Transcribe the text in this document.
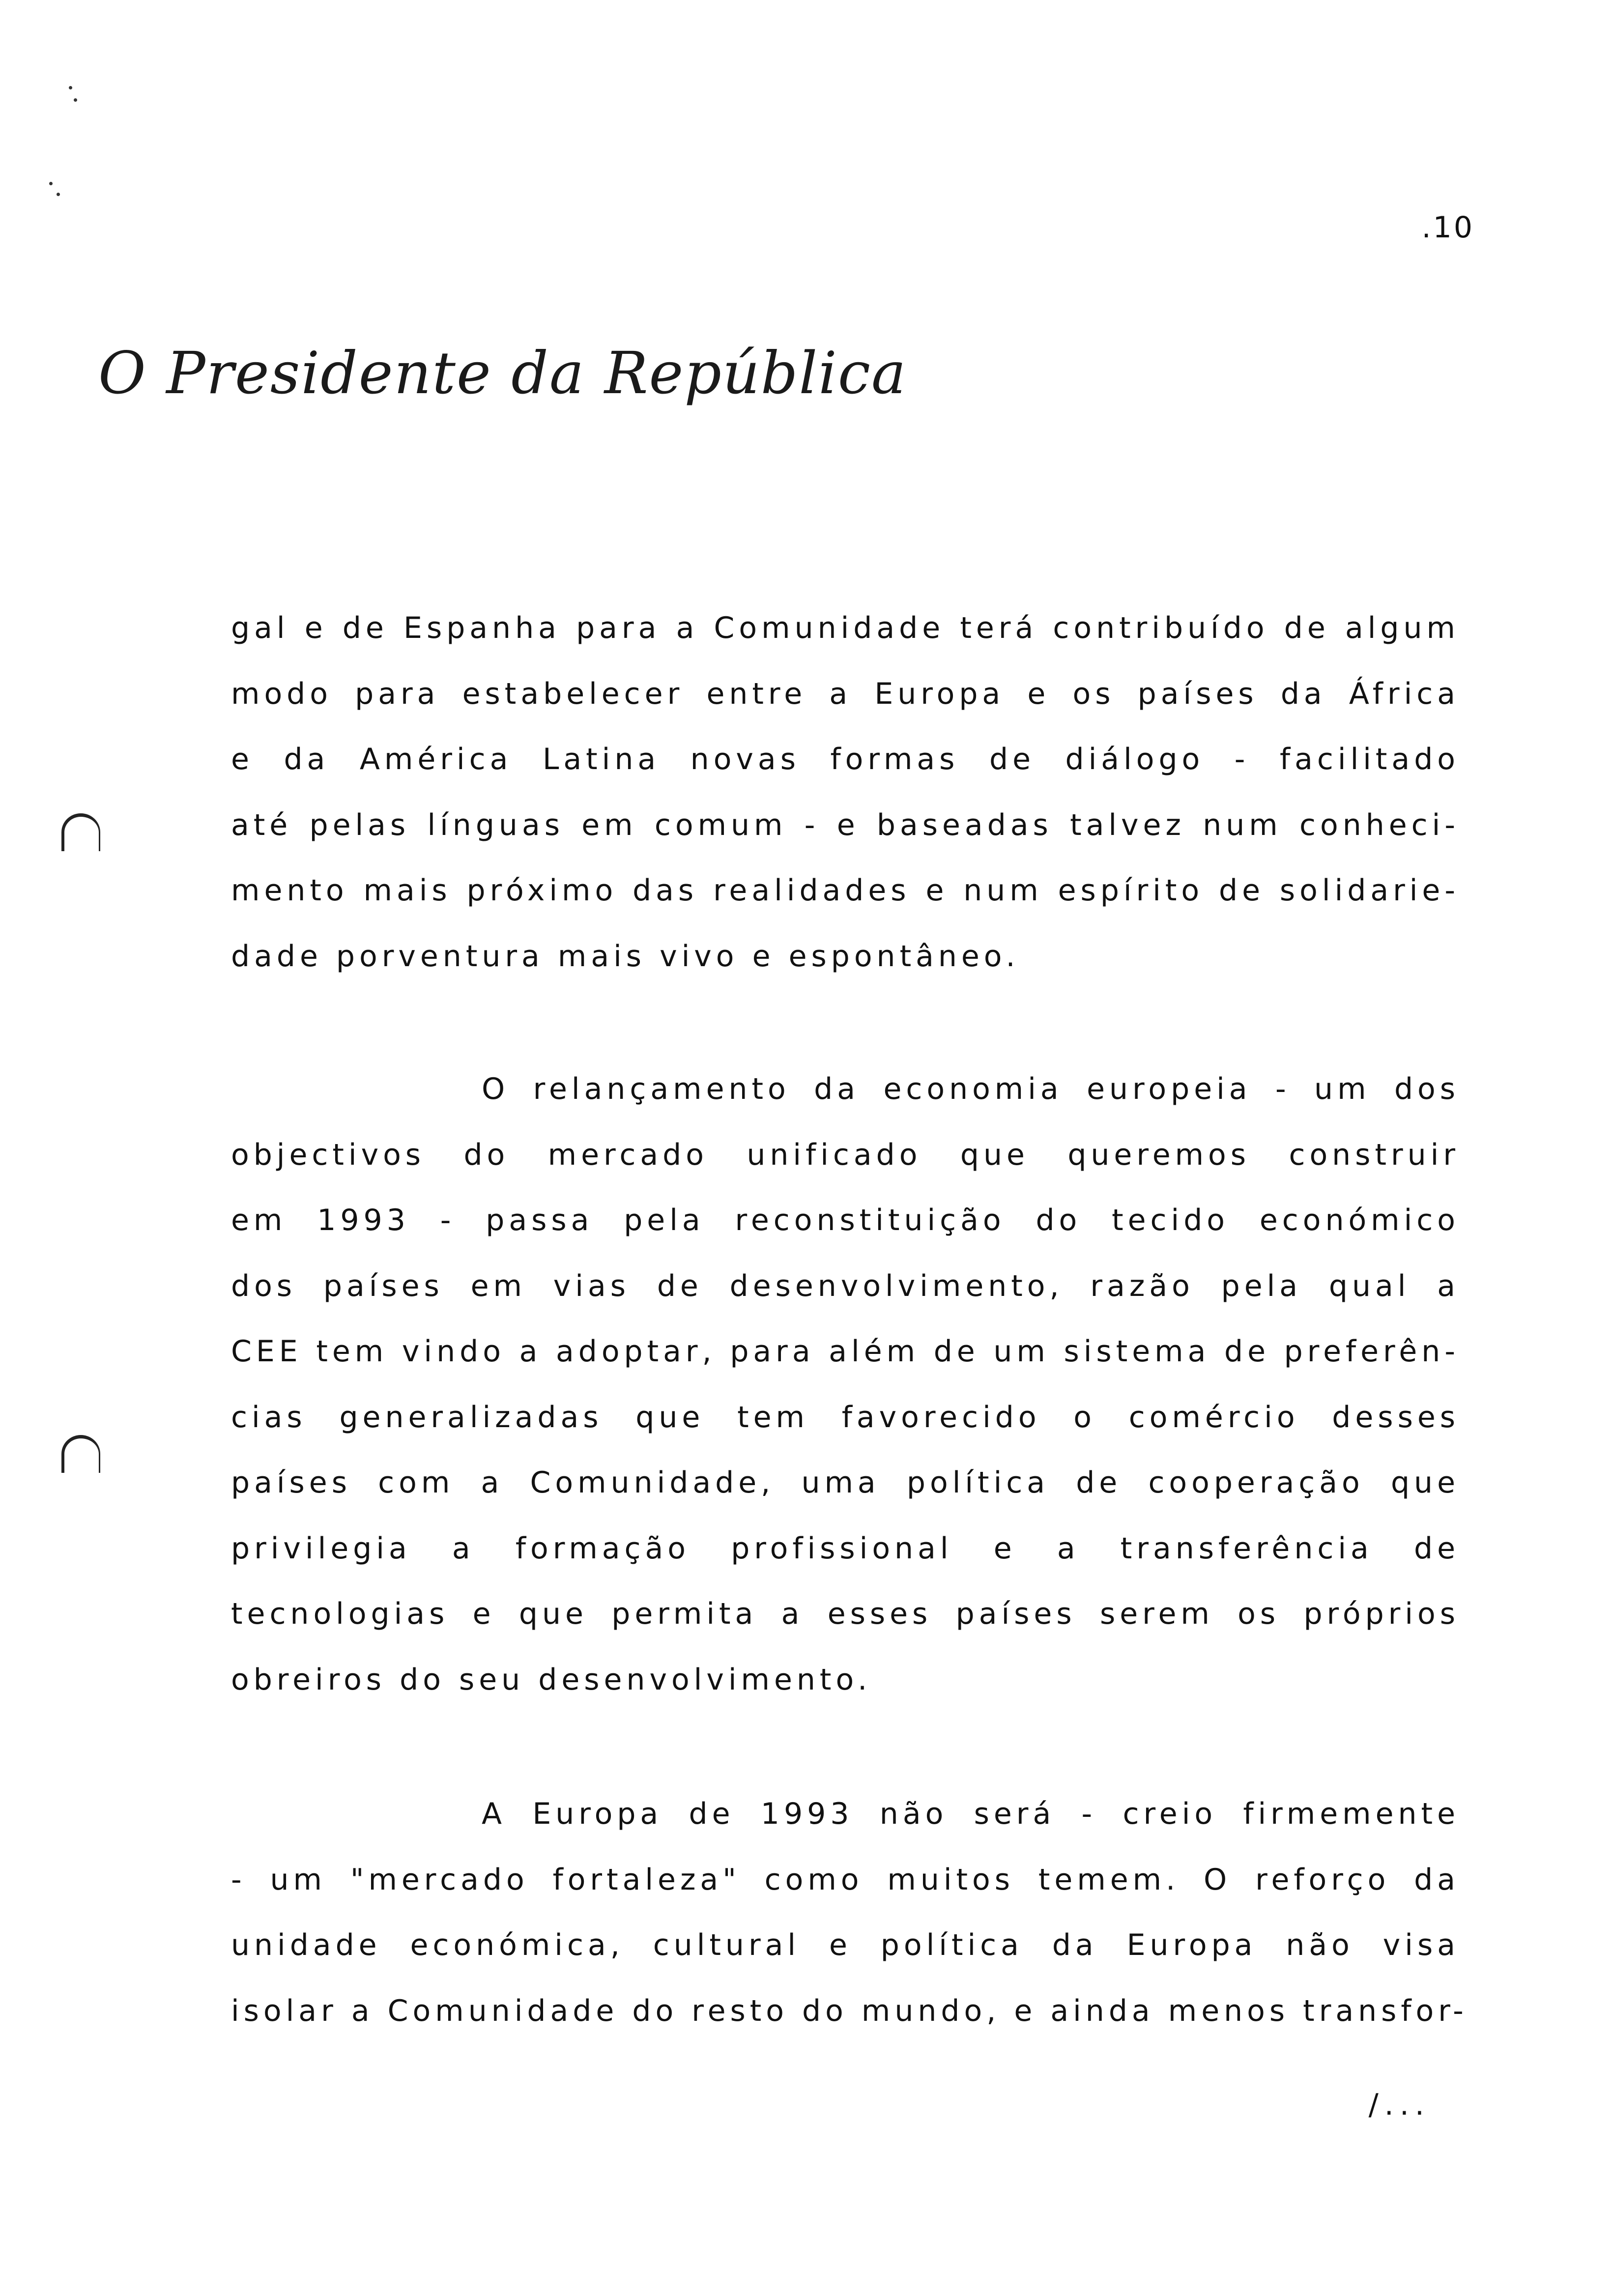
.10
O Presidente da República
gal e de Espanha para a Comunidade terá contribuído de algum
modo para estabelecer entre a Europa e os países da África
e da América Latina novas formas de diálogo - facilitado
até pelas línguas em comum - e baseadas talvez num conheci-
mento mais próximo das realidades e num espírito de solidarie-
dade porventura mais vivo e espontâneo.
O relançamento da economia europeia - um dos
objectivos do mercado unificado que queremos construir
em 1993 - passa pela reconstituição do tecido económico
dos países em vias de desenvolvimento, razão pela qual a
CEE tem vindo a adoptar, para além de um sistema de preferên-
cias generalizadas que tem favorecido o comércio desses
países com a Comunidade, uma política de cooperação que
privilegia a formação profissional e a transferência de
tecnologias e que permita a esses países serem os próprios
obreiros do seu desenvolvimento.
A Europa de 1993 não será - creio firmemente
- um "mercado fortaleza" como muitos temem. O reforço da
unidade económica, cultural e política da Europa não visa
isolar a Comunidade do resto do mundo, e ainda menos transfor-
/...
